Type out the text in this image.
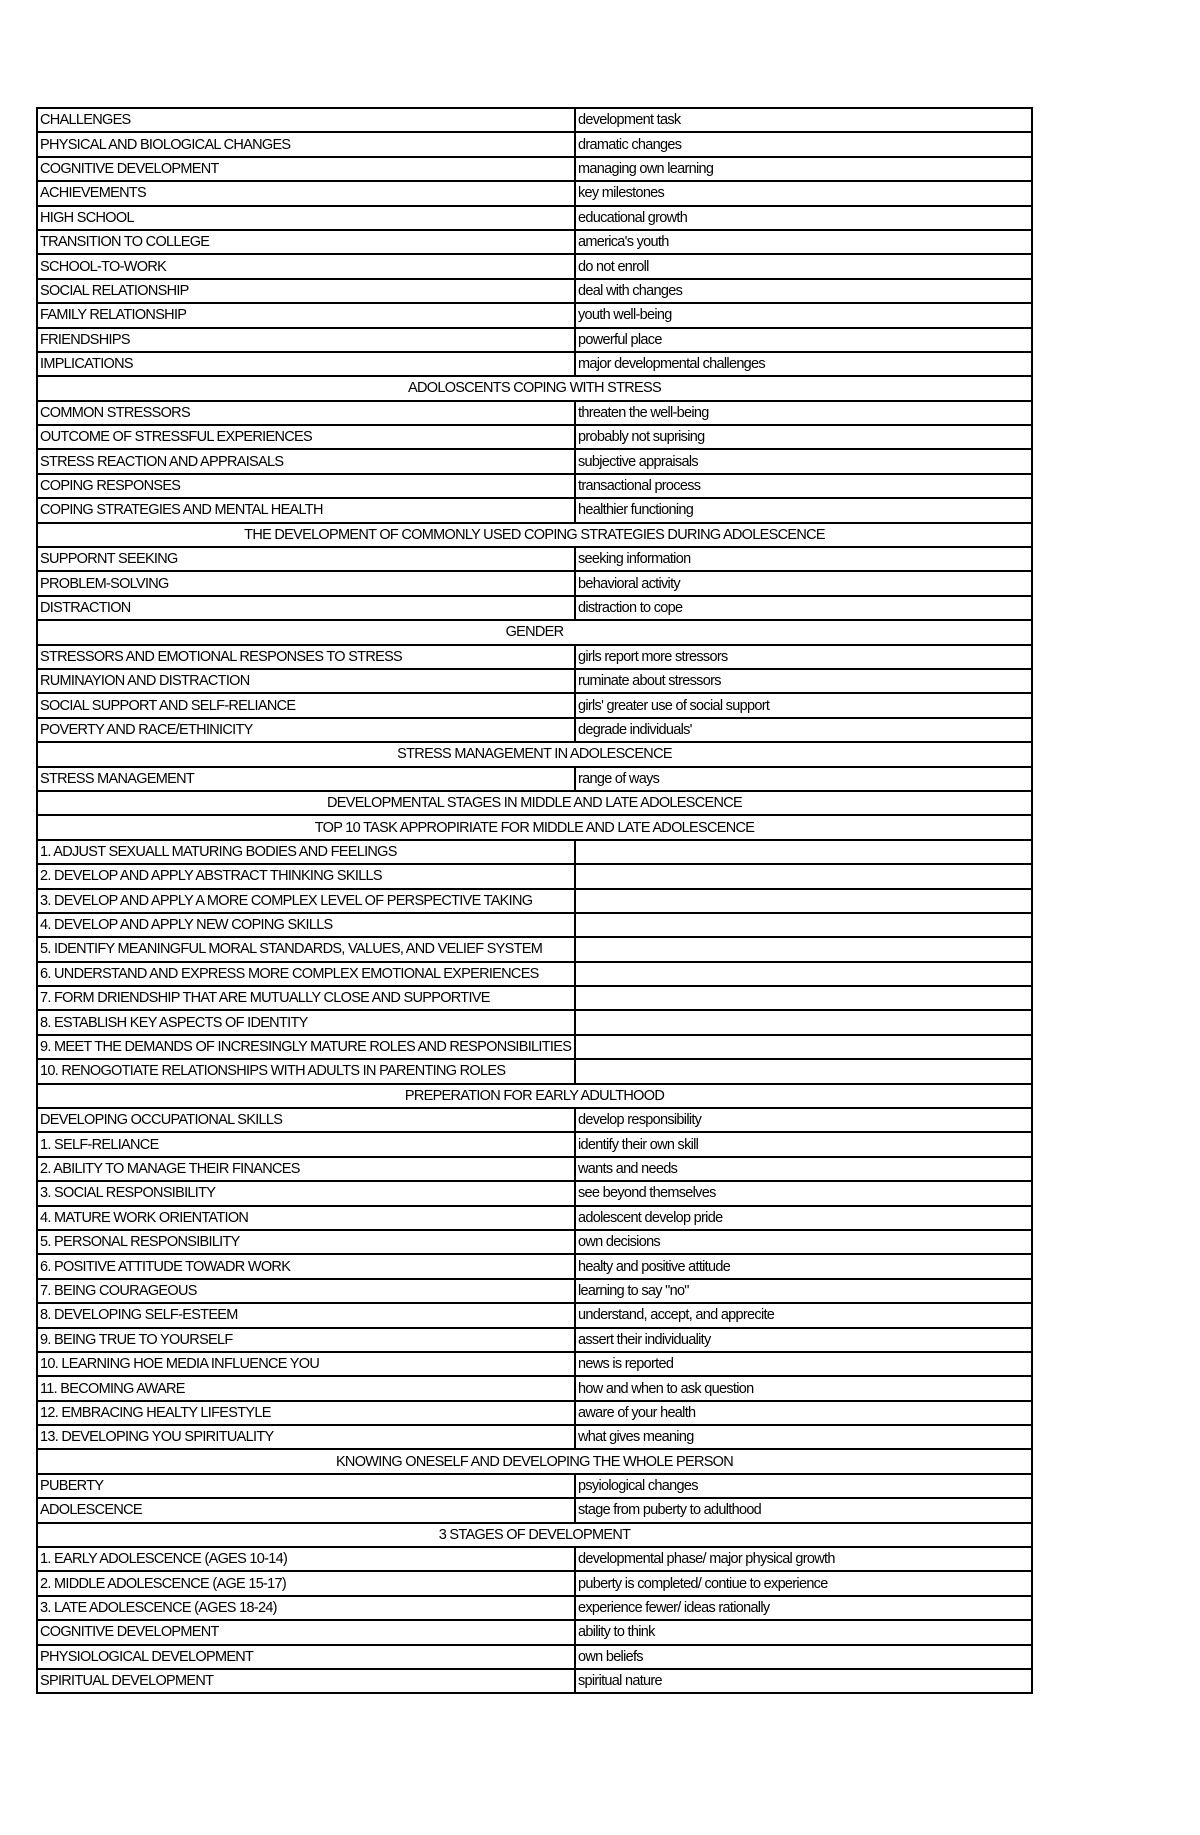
CHALLENGES	development task
PHYSICAL AND BIOLOGICAL CHANGES	dramatic changes
COGNITIVE DEVELOPMENT	managing own learning
ACHIEVEMENTS	key milestones
HIGH SCHOOL	educational growth
TRANSITION TO COLLEGE	america's youth
SCHOOL-TO-WORK	do not enroll
SOCIAL RELATIONSHIP	deal with changes
FAMILY RELATIONSHIP	youth well-being
FRIENDSHIPS	powerful place
IMPLICATIONS	major developmental challenges
ADOLOSCENTS COPING WITH STRESS	
COMMON STRESSORS	threaten the well-being
OUTCOME OF STRESSFUL EXPERIENCES	probably not suprising
STRESS REACTION AND APPRAISALS	subjective appraisals
COPING RESPONSES	transactional process
COPING STRATEGIES AND MENTAL HEALTH	healthier functioning
THE DEVELOPMENT OF COMMONLY USED COPING STRATEGIES DURING ADOLESCENCE	
SUPPORNT SEEKING	seeking information
PROBLEM-SOLVING	behavioral activity
DISTRACTION	distraction to cope
GENDER	
STRESSORS AND EMOTIONAL RESPONSES TO STRESS	girls report more stressors
RUMINAYION AND DISTRACTION	ruminate about stressors
SOCIAL SUPPORT AND SELF-RELIANCE	girls' greater use of social support
POVERTY AND RACE/ETHINICITY	degrade individuals'
STRESS MANAGEMENT IN ADOLESCENCE	
STRESS MANAGEMENT	range of ways
DEVELOPMENTAL STAGES IN MIDDLE AND LATE ADOLESCENCE	
TOP 10 TASK APPROPIRIATE FOR MIDDLE AND LATE ADOLESCENCE	
1. ADJUST SEXUALL MATURING BODIES AND FEELINGS	
2. DEVELOP AND APPLY ABSTRACT THINKING SKILLS	
3. DEVELOP AND APPLY A MORE COMPLEX LEVEL OF PERSPECTIVE TAKING	
4. DEVELOP AND APPLY NEW COPING SKILLS	
5. IDENTIFY MEANINGFUL MORAL STANDARDS, VALUES, AND VELIEF SYSTEM	
6. UNDERSTAND AND EXPRESS MORE COMPLEX EMOTIONAL EXPERIENCES	
7. FORM DRIENDSHIP THAT ARE MUTUALLY CLOSE AND SUPPORTIVE	
8. ESTABLISH KEY ASPECTS OF IDENTITY	
9. MEET THE DEMANDS OF INCRESINGLY MATURE ROLES AND RESPONSIBILITIES	
10. RENOGOTIATE RELATIONSHIPS WITH ADULTS IN PARENTING ROLES	
PREPERATION FOR EARLY ADULTHOOD	
DEVELOPING OCCUPATIONAL SKILLS	develop responsibility
1. SELF-RELIANCE	identify their own skill
2. ABILITY TO MANAGE THEIR FINANCES	wants and needs
3. SOCIAL RESPONSIBILITY	see beyond themselves
4. MATURE WORK ORIENTATION	adolescent develop pride
5. PERSONAL RESPONSIBILITY	own decisions
6. POSITIVE ATTITUDE TOWADR WORK	healty and positive attitude
7. BEING COURAGEOUS	learning to say "no"
8. DEVELOPING SELF-ESTEEM	understand, accept, and apprecite
9. BEING TRUE TO YOURSELF	assert their individuality
10. LEARNING HOE MEDIA INFLUENCE YOU	news is reported
11. BECOMING AWARE	how and when to ask question
12. EMBRACING HEALTY LIFESTYLE	aware of your health
13. DEVELOPING YOU SPIRITUALITY	what gives meaning
KNOWING ONESELF AND DEVELOPING THE WHOLE PERSON	
PUBERTY	psyiological changes
ADOLESCENCE	stage from puberty to adulthood
3 STAGES OF DEVELOPMENT	
1. EARLY ADOLESCENCE (AGES 10-14)	developmental phase/ major physical growth
2. MIDDLE ADOLESCENCE (AGE 15-17)	puberty is completed/ contiue to experience
3. LATE ADOLESCENCE (AGES 18-24)	experience fewer/ ideas rationally
COGNITIVE DEVELOPMENT	ability to think
PHYSIOLOGICAL DEVELOPMENT	own beliefs
SPIRITUAL DEVELOPMENT	spiritual nature
